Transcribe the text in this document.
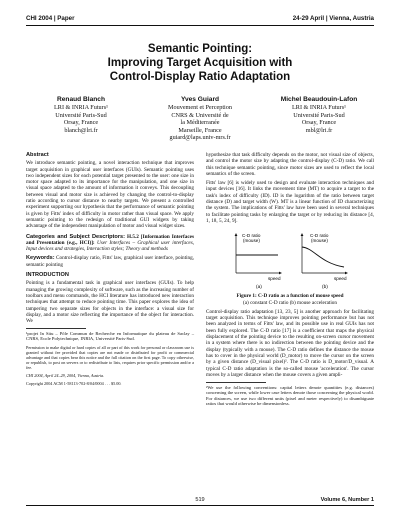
CHI 2004 | Paper	24-29 April | Vienna, Austria
Semantic Pointing:
Improving Target Acquisition with
Control-Display Ratio Adaptation
Renaud Blanch
LRI & INRIA Futurs¹
Université Paris-Sud
Orsay, France
blanch@lri.fr
Yves Guiard
Mouvement et Perception
CNRS & Université de
la Méditerranée
Marseille, France
guiard@laps.univ-mrs.fr
Michel Beaudouin-Lafon
LRI & INRIA Futurs¹
Université Paris-Sud
Orsay, France
mbl@lri.fr
Abstract

We introduce semantic pointing, a novel interaction technique that improves target acquisition in graphical user interfaces (GUIs). Semantic pointing uses two independent sizes for each potential target presented to the user: one size in motor space adapted to its importance for the manipulation, and one size in visual space adapted to the amount of information it conveys. This decoupling between visual and motor size is achieved by changing the control-to-display ratio according to cursor distance to nearby targets. We present a controlled experiment supporting our hypothesis that the performance of semantic pointing is given by Fitts' index of difficulty in motor rather than visual space. We apply semantic pointing to the redesign of traditional GUI widgets by taking advantage of the independent manipulation of motor and visual widget sizes.

Categories and Subject Descriptors: H.5.2 [Information Interfaces and Presentation (e.g., HCI)]: User Interfaces – Graphical user interfaces, Input devices and strategies, Interaction styles; Theory and methods

Keywords: Control-display ratio, Fitts' law, graphical user interface, pointing, semantic pointing

INTRODUCTION

Pointing is a fundamental task in graphical user interfaces (GUIs). To help managing the growing complexity of software, such as the increasing number of toolbars and menu commands, the HCI literature has introduced new interaction techniques that attempt to reduce pointing time. This paper explores the idea of tampering two separate sizes for objects in the interface: a visual size for display, and a motor size reflecting the importance of the object for interaction. We

¹projet In Situ – Pôle Commun de Recherche en Informatique du plateau de Saclay – CNRS, Ecole Polytechnique, INRIA, Université Paris-Sud.

Permission to make digital or hard copies of all or part of this work for personal or classroom use is granted without fee provided that copies are not made or distributed for profit or commercial advantage and that copies bear this notice and the full citation on the first page. To copy otherwise, or republish, to post on servers or to redistribute to lists, requires prior specific permission and/or a fee.

CHI 2004, April 24–29, 2004, Vienna, Austria.

Copyright 2004 ACM 1-58113-702-8/04/0004 . . . $5.00.

hypothesize that task difficulty depends on the motor, not visual size of objects, and control the motor size by adapting the control-display (C-D) ratio. We call this technique semantic pointing, since motor sizes are used to reflect the local semantics of the screen.

Fitts' law [6] is widely used to design and evaluate interaction techniques and input devices [16]. It links the movement time (MT) to acquire a target to the task's index of difficulty (ID). ID is the logarithm of the ratio between target distance (D) and target width (W). MT is a linear function of ID characterizing the system. The implications of Fitts' law have been used in several techniques to facilitate pointing tasks by enlarging the target or by reducing its distance [4, 1, 18, 5, 24, 9].

C-D ratio
(mouse)
speed
(a)
C-D ratio
(mouse)
speed
(b)

Figure 1: C-D ratio as a function of mouse speed
(a) constant C-D ratio (b) mouse acceleration

Control-display ratio adaptation [13, 23, 5] is another approach for facilitating target acquisition. This technique improves pointing performance but has not been analyzed in terms of Fitts' law, and its possible use in real GUIs has not been fully explored. The C-D ratio [17] is a coefficient that maps the physical displacement of the pointing device to the resulting on-screen cursor movement in a system where there is no indirection between the pointing device and the display (typically with a mouse). The C-D ratio defines the distance the mouse has to cover in the physical world (D_motor) to move the cursor on the screen by a given distance (D_visual pixel)². The C-D ratio is D_motor/D_visual. A typical C-D ratio adaptation is the so-called mouse 'acceleration'. The cursor moves by a larger distance when the mouse covers a given ampli-

²We use the following conventions: capital letters denote quantities (e.g. distances) concerning the screen, while lower case letters denote those concerning the physical world. For distances, we use two different units (pixel and meter respectively) to disambiguate ratios that would otherwise be dimensionless.

519	Volume 6, Number 1
